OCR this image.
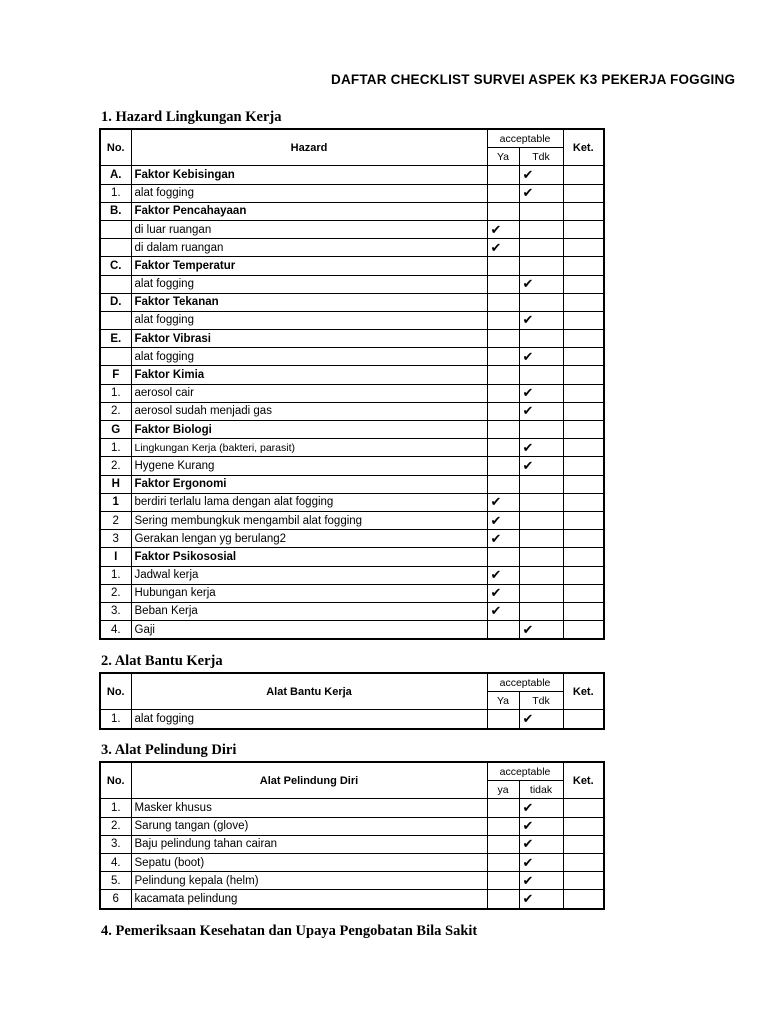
DAFTAR CHECKLIST SURVEI ASPEK K3 PEKERJA FOGGING
1. Hazard Lingkungan Kerja
No.	Hazard	acceptable		Ket.
		Ya	Tdk	
A.	Faktor Kebisingan		✔	
1.	alat fogging		✔	
B.	Faktor Pencahayaan			
	di luar ruangan	✔		
	di dalam ruangan	✔		
C.	Faktor Temperatur			
	alat fogging		✔	
D.	Faktor Tekanan			
	alat fogging		✔	
E.	Faktor Vibrasi			
	alat fogging		✔	
F	Faktor Kimia			
1.	aerosol cair		✔	
2.	aerosol sudah menjadi gas		✔	
G	Faktor Biologi			
1.	Lingkungan Kerja (bakteri, parasit)		✔	
2.	Hygene Kurang		✔	
H	Faktor Ergonomi			
1	berdiri terlalu lama dengan alat fogging	✔		
2	Sering membungkuk mengambil alat fogging	✔		
3	Gerakan lengan yg berulang2	✔		
I	Faktor Psikososial			
1.	Jadwal kerja	✔		
2.	Hubungan kerja	✔		
3.	Beban Kerja	✔		
4.	Gaji		✔	
2. Alat Bantu Kerja
No.	Alat Bantu Kerja	acceptable		Ket.
		Ya	Tdk	
1.	alat fogging		✔	
3. Alat Pelindung Diri
No.	Alat Pelindung Diri	acceptable		Ket.
		ya	tidak	
1.	Masker khusus		✔	
2.	Sarung tangan (glove)		✔	
3.	Baju pelindung tahan cairan		✔	
4.	Sepatu (boot)		✔	
5.	Pelindung kepala (helm)		✔	
6	kacamata pelindung		✔	
4. Pemeriksaan Kesehatan dan Upaya Pengobatan Bila Sakit
